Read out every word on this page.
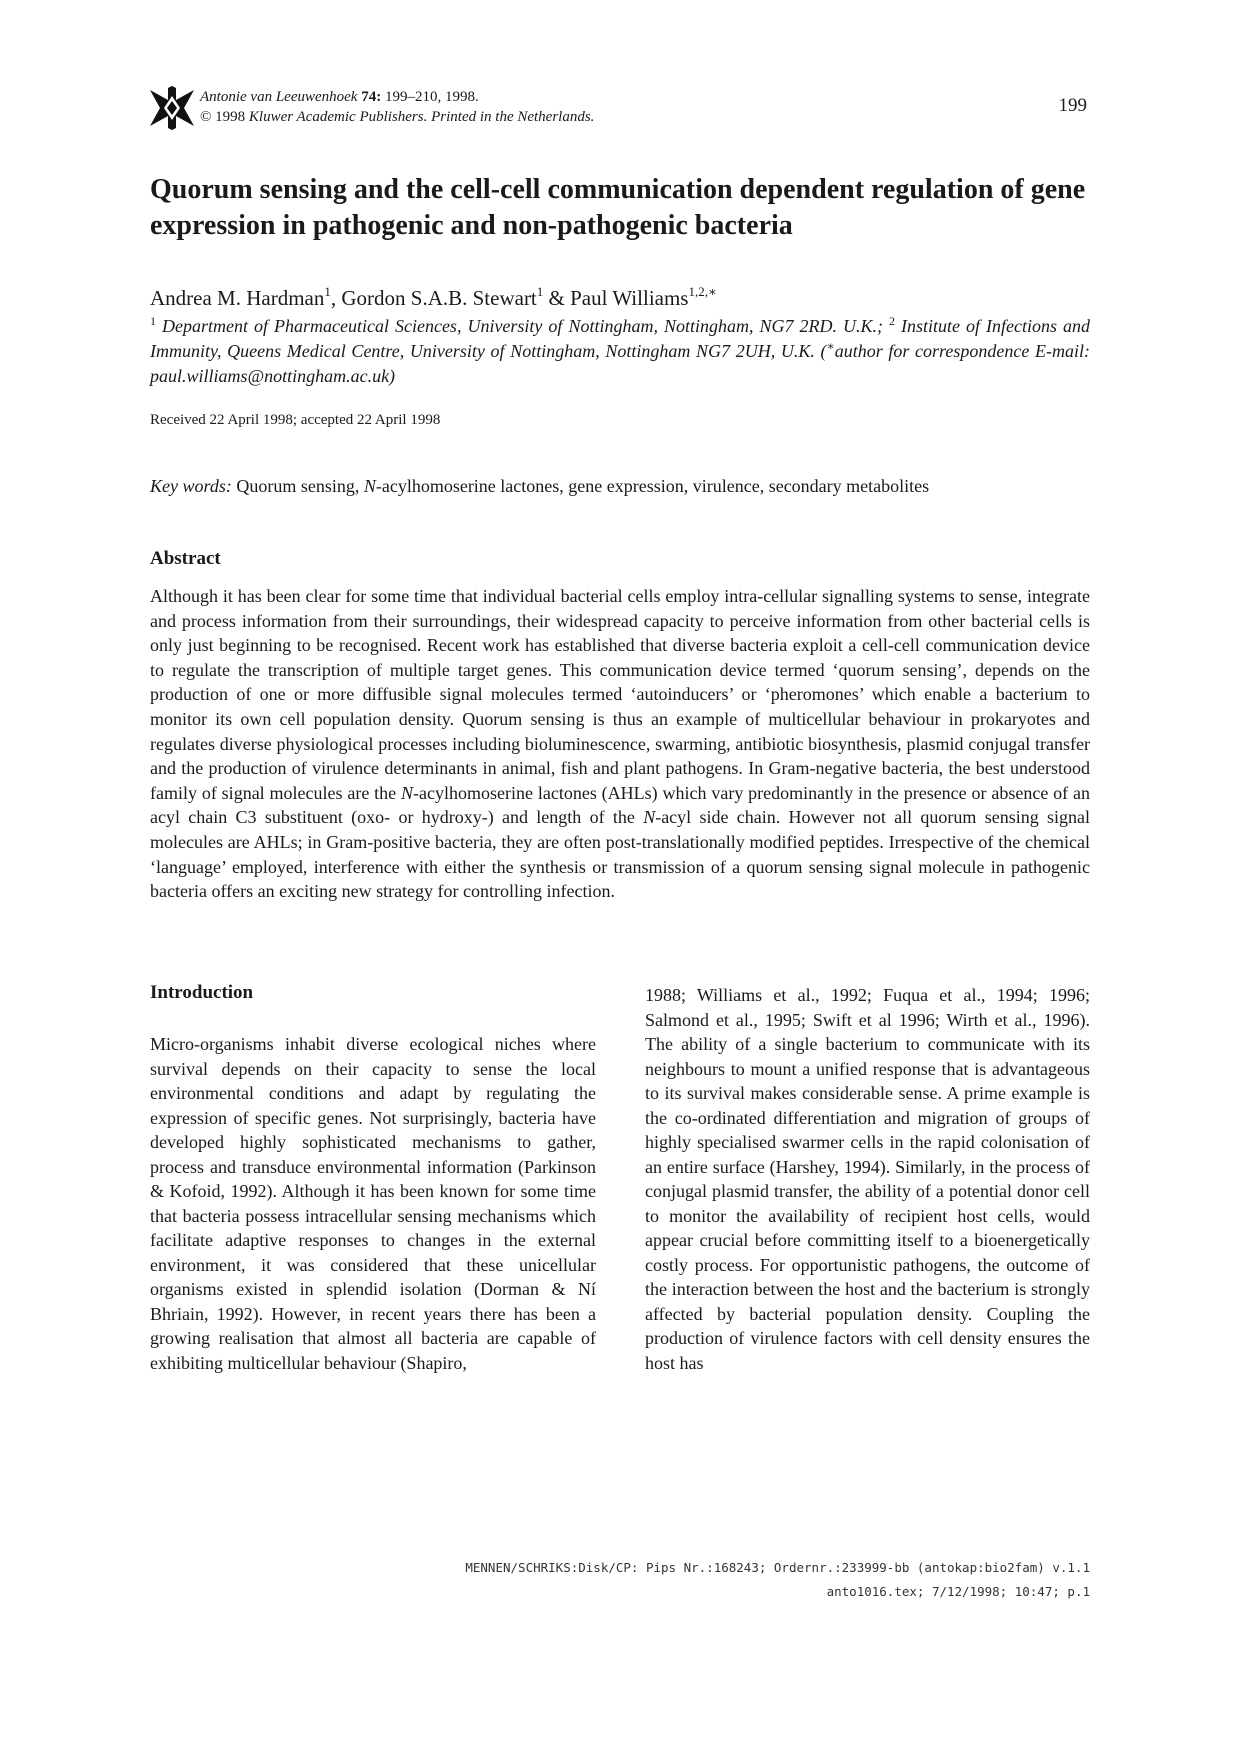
Antonie van Leeuwenhoek 74: 199–210, 1998.
© 1998 Kluwer Academic Publishers. Printed in the Netherlands.
199
Quorum sensing and the cell-cell communication dependent regulation of gene expression in pathogenic and non-pathogenic bacteria
Andrea M. Hardman$^1$, Gordon S.A.B. Stewart$^1$ & Paul Williams$^{1,2,∗}$
$^1$ Department of Pharmaceutical Sciences, University of Nottingham, Nottingham, NG7 2RD. U.K.; $^2$ Institute of Infections and Immunity, Queens Medical Centre, University of Nottingham, Nottingham NG7 2UH, U.K. (∗author for correspondence E-mail: paul.williams@nottingham.ac.uk)
Received 22 April 1998; accepted 22 April 1998
Key words: Quorum sensing, N-acylhomoserine lactones, gene expression, virulence, secondary metabolites
Abstract
Although it has been clear for some time that individual bacterial cells employ intra-cellular signalling systems to sense, integrate and process information from their surroundings, their widespread capacity to perceive information from other bacterial cells is only just beginning to be recognised. Recent work has established that diverse bacteria exploit a cell-cell communication device to regulate the transcription of multiple target genes. This communication device termed ‘quorum sensing’, depends on the production of one or more diffusible signal molecules termed ‘autoinducers’ or ‘pheromones’ which enable a bacterium to monitor its own cell population density. Quorum sensing is thus an example of multicellular behaviour in prokaryotes and regulates diverse physiological processes including bioluminescence, swarming, antibiotic biosynthesis, plasmid conjugal transfer and the production of virulence determinants in animal, fish and plant pathogens. In Gram-negative bacteria, the best understood family of signal molecules are the N-acylhomoserine lactones (AHLs) which vary predominantly in the presence or absence of an acyl chain C3 substituent (oxo- or hydroxy-) and length of the N-acyl side chain. However not all quorum sensing signal molecules are AHLs; in Gram-positive bacteria, they are often post-translationally modified peptides. Irrespective of the chemical ‘language’ employed, interference with either the synthesis or transmission of a quorum sensing signal molecule in pathogenic bacteria offers an exciting new strategy for controlling infection.
Introduction
Micro-organisms inhabit diverse ecological niches where survival depends on their capacity to sense the local environmental conditions and adapt by regulating the expression of specific genes. Not surprisingly, bacteria have developed highly sophisticated mechanisms to gather, process and transduce environmental information (Parkinson & Kofoid, 1992). Although it has been known for some time that bacteria possess intracellular sensing mechanisms which facilitate adaptive responses to changes in the external environment, it was considered that these unicellular organisms existed in splendid isolation (Dorman & Ní Bhriain, 1992). However, in recent years there has been a growing realisation that almost all bacteria are capable of exhibiting multicellular behaviour (Shapiro,
1988; Williams et al., 1992; Fuqua et al., 1994; 1996; Salmond et al., 1995; Swift et al 1996; Wirth et al., 1996). The ability of a single bacterium to communicate with its neighbours to mount a unified response that is advantageous to its survival makes considerable sense. A prime example is the co-ordinated differentiation and migration of groups of highly specialised swarmer cells in the rapid colonisation of an entire surface (Harshey, 1994). Similarly, in the process of conjugal plasmid transfer, the ability of a potential donor cell to monitor the availability of recipient host cells, would appear crucial before committing itself to a bioenergetically costly process. For opportunistic pathogens, the outcome of the interaction between the host and the bacterium is strongly affected by bacterial population density. Coupling the production of virulence factors with cell density ensures the host has
MENNEN/SCHRIKS:Disk/CP: Pips Nr.:168243; Ordernr.:233999-bb (antokap:bio2fam) v.1.1
anto1016.tex; 7/12/1998; 10:47; p.1
